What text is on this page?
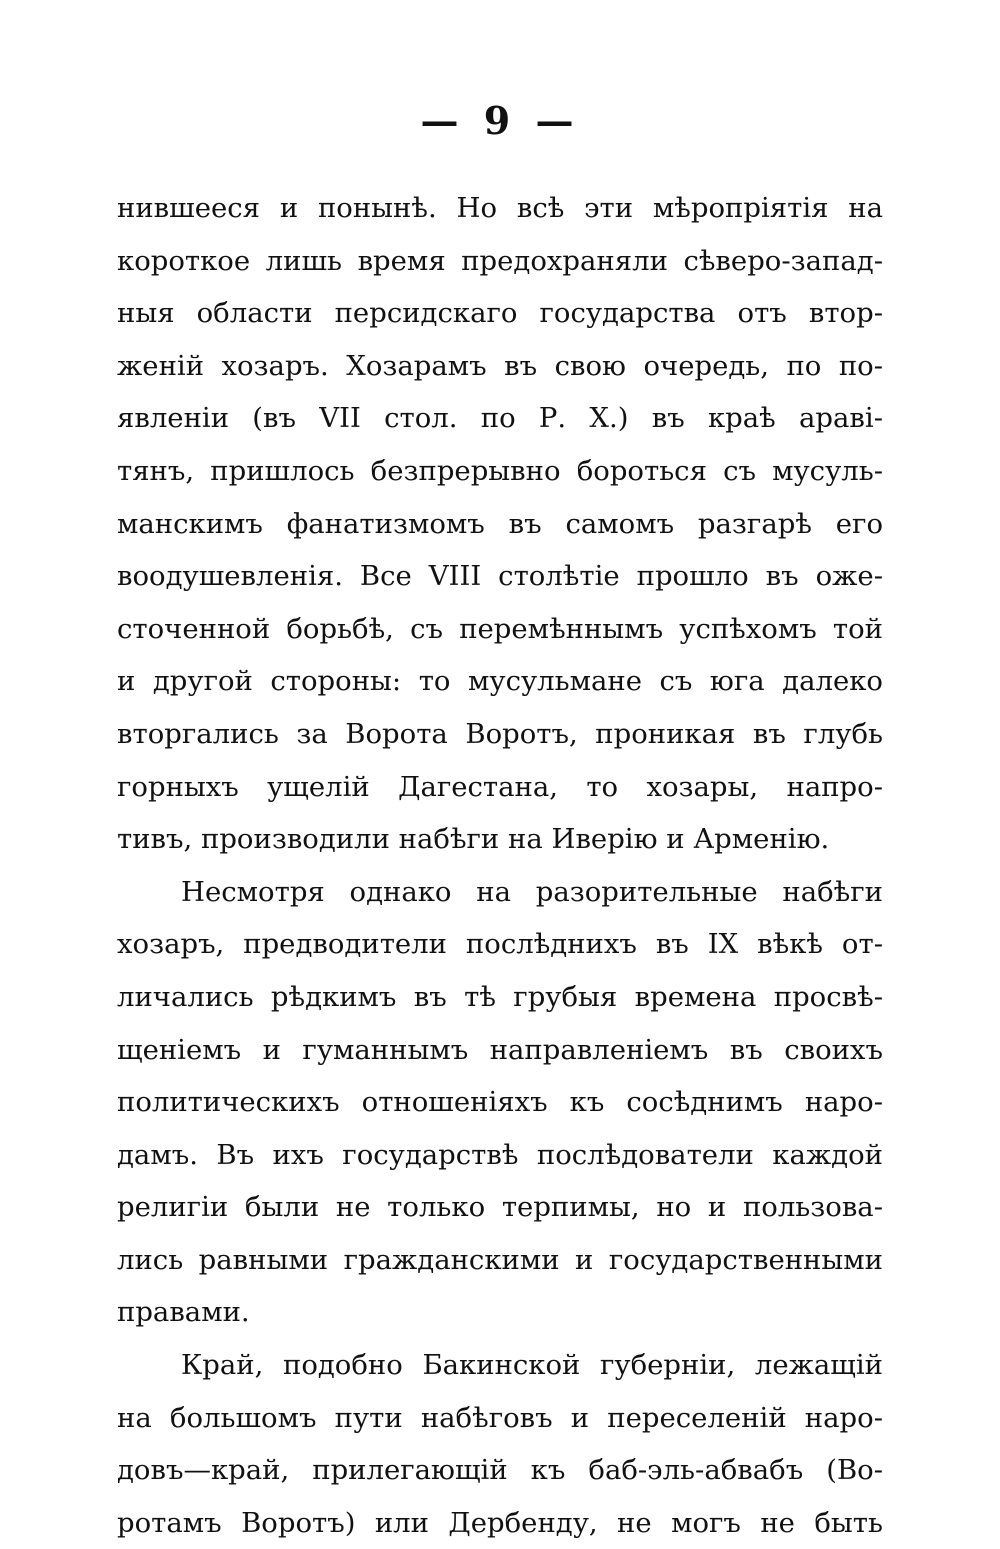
— 9 —
нившееся и понынѣ. Но всѣ эти мѣропріятія на
короткое лишь время предохраняли сѣверо-запад-
ныя области персидскаго государства отъ втор-
женій хозаръ. Хозарамъ въ свою очередь, по по-
явленіи (въ VII стол. по Р. X.) въ краѣ аравi-
тянъ, пришлось безпрерывно бороться съ мусуль-
манскимъ фанатизмомъ въ самомъ разгарѣ его
воодушевленія. Все VIII столѣтіе прошло въ оже-
сточенной борьбѣ, съ перемѣннымъ успѣхомъ той
и другой стороны: то мусульмане съ юга далеко
вторгались за Ворота Воротъ, проникая въ глубь
горныхъ ущелій Дагестана, то хозары, напро-
тивъ, производили набѣги на Иверію и Арменію.
Несмотря однако на разорительные набѣги
хозаръ, предводители послѣднихъ въ IX вѣкѣ от-
личались рѣдкимъ въ тѣ грубыя времена просвѣ-
щеніемъ и гуманнымъ направленіемъ въ своихъ
политическихъ отношеніяхъ къ сосѣднимъ наро-
дамъ. Въ ихъ государствѣ послѣдователи каждой
религіи были не только терпимы, но и пользова-
лись равными гражданскими и государственными
правами.
Край, подобно Бакинской губерніи, лежащій
на большомъ пути набѣговъ и переселеній наро-
довъ—край, прилегающій къ баб-эль-абвабъ (Во-
ротамъ Воротъ) или Дербенду, не могъ не быть
